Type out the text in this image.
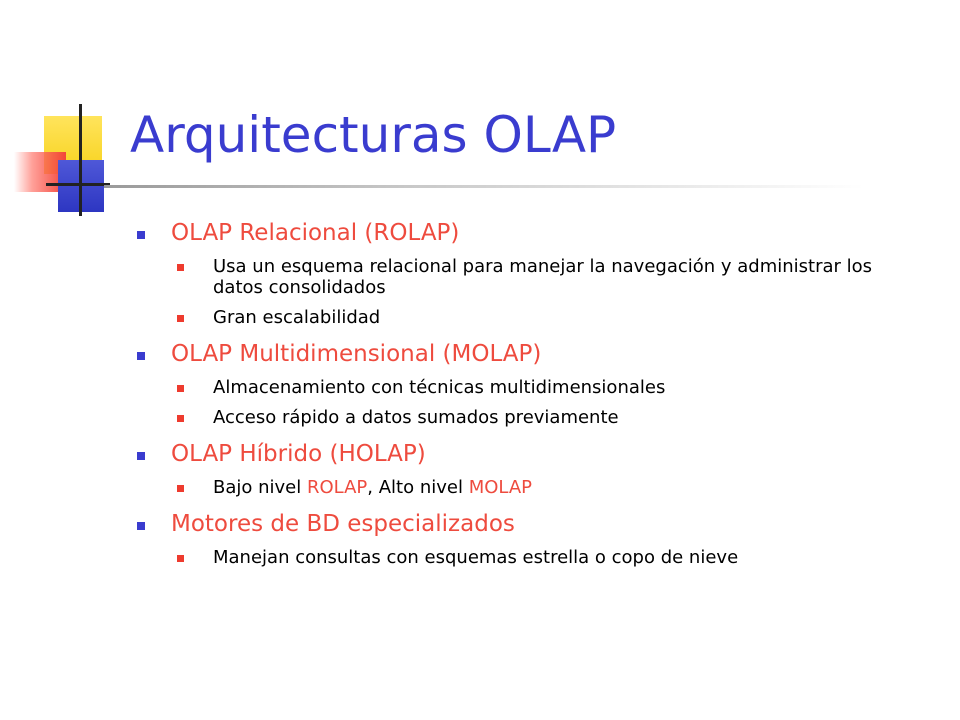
Arquitecturas OLAP
OLAP Relacional (ROLAP)
Usa un esquema relacional para manejar la navegación y administrar los datos consolidados
Gran escalabilidad
OLAP Multidimensional (MOLAP)
Almacenamiento con técnicas multidimensionales
Acceso rápido a datos sumados previamente
OLAP Híbrido (HOLAP)
Bajo nivel ROLAP, Alto nivel MOLAP
Motores de BD especializados
Manejan consultas con esquemas estrella o copo de nieve
